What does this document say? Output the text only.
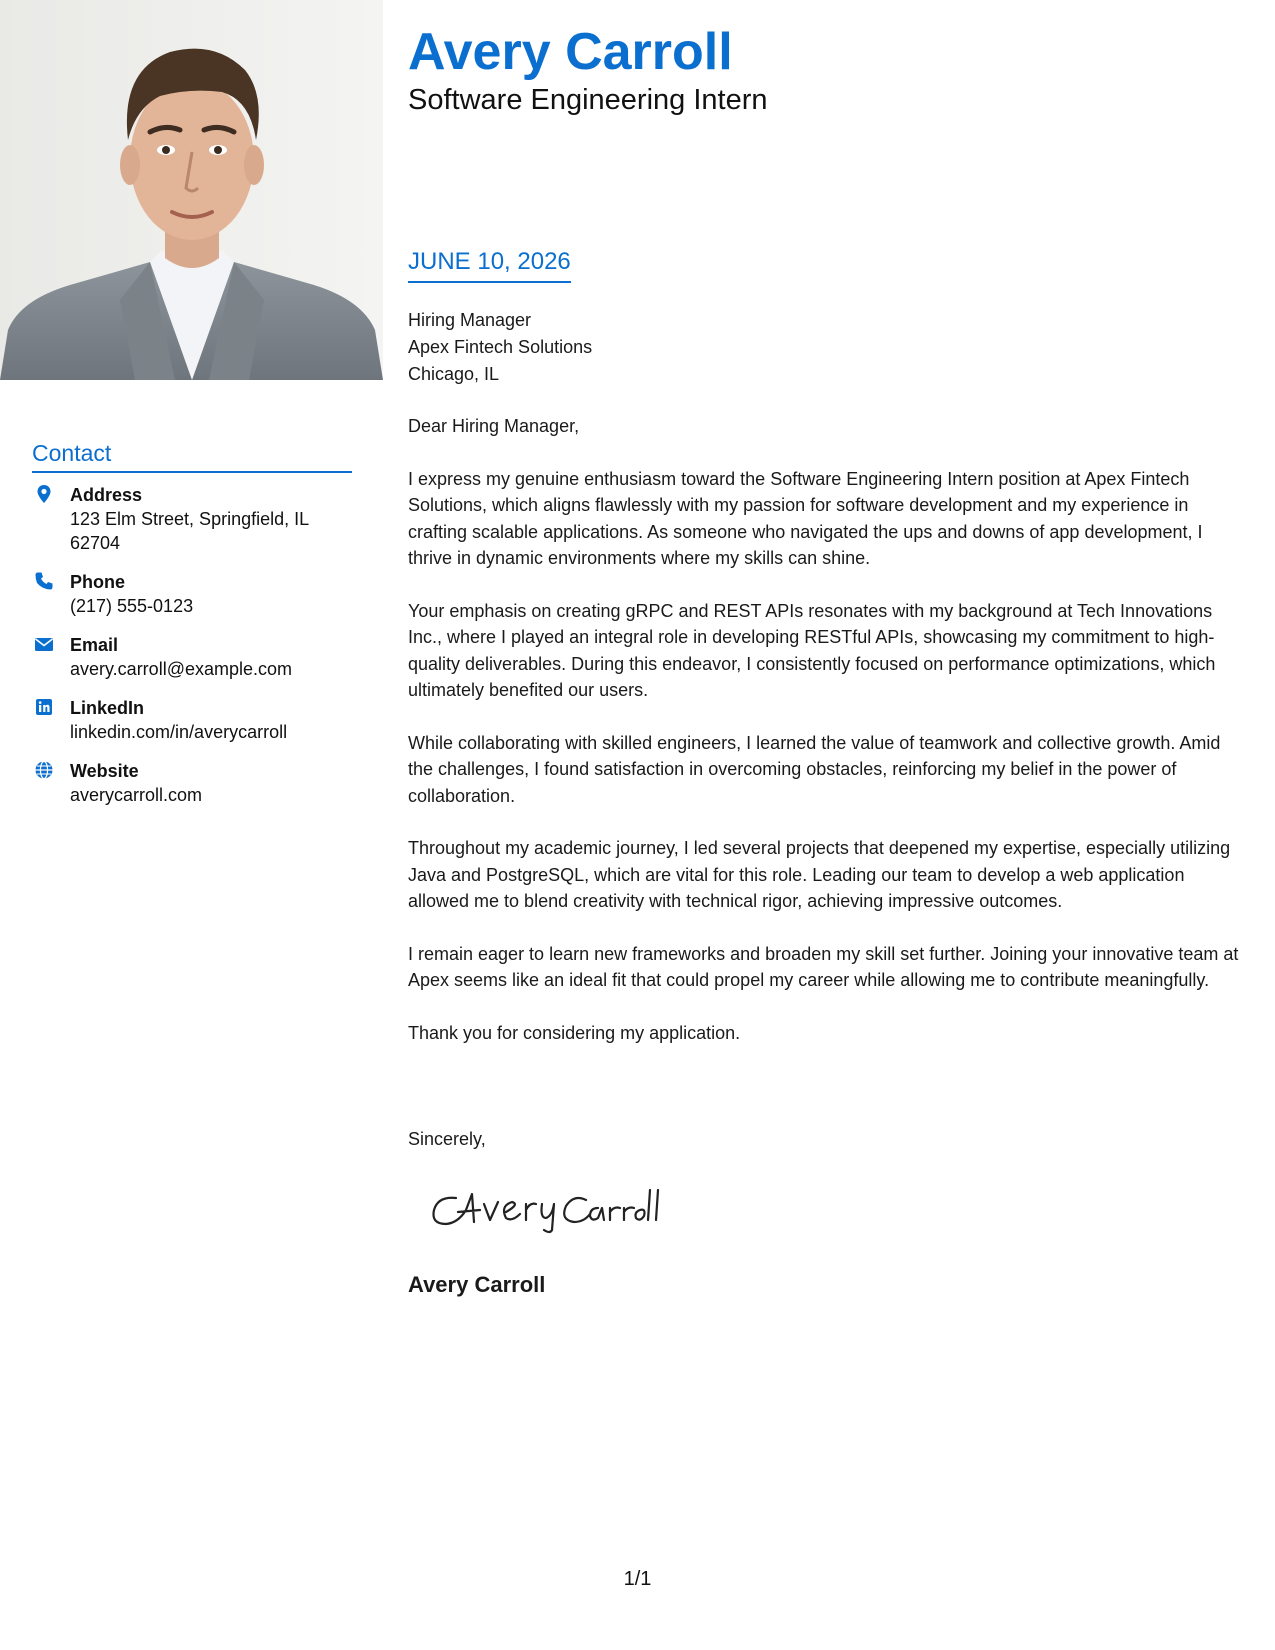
Contact
Address
123 Elm Street, Springfield, IL
62704
Phone
(217) 555-0123
Email
avery.carroll@example.com
LinkedIn
linkedin.com/in/averycarroll
Website
averycarroll.com
Avery Carroll
Software Engineering Intern
JUNE 10, 2026
Hiring Manager
Apex Fintech Solutions
Chicago, IL

Dear Hiring Manager,

I express my genuine enthusiasm toward the Software Engineering Intern position at Apex Fintech Solutions, which aligns flawlessly with my passion for software development and my experience in crafting scalable applications. As someone who navigated the ups and downs of app development, I thrive in dynamic environments where my skills can shine.

Your emphasis on creating gRPC and REST APIs resonates with my background at Tech Innovations Inc., where I played an integral role in developing RESTful APIs, showcasing my commitment to high-quality deliverables. During this endeavor, I consistently focused on performance optimizations, which ultimately benefited our users.

While collaborating with skilled engineers, I learned the value of teamwork and collective growth. Amid the challenges, I found satisfaction in overcoming obstacles, reinforcing my belief in the power of collaboration.

Throughout my academic journey, I led several projects that deepened my expertise, especially utilizing Java and PostgreSQL, which are vital for this role. Leading our team to develop a web application allowed me to blend creativity with technical rigor, achieving impressive outcomes.

I remain eager to learn new frameworks and broaden my skill set further. Joining your innovative team at Apex seems like an ideal fit that could propel my career while allowing me to contribute meaningfully.

Thank you for considering my application.

Sincerely,
Avery Carroll
1/1
